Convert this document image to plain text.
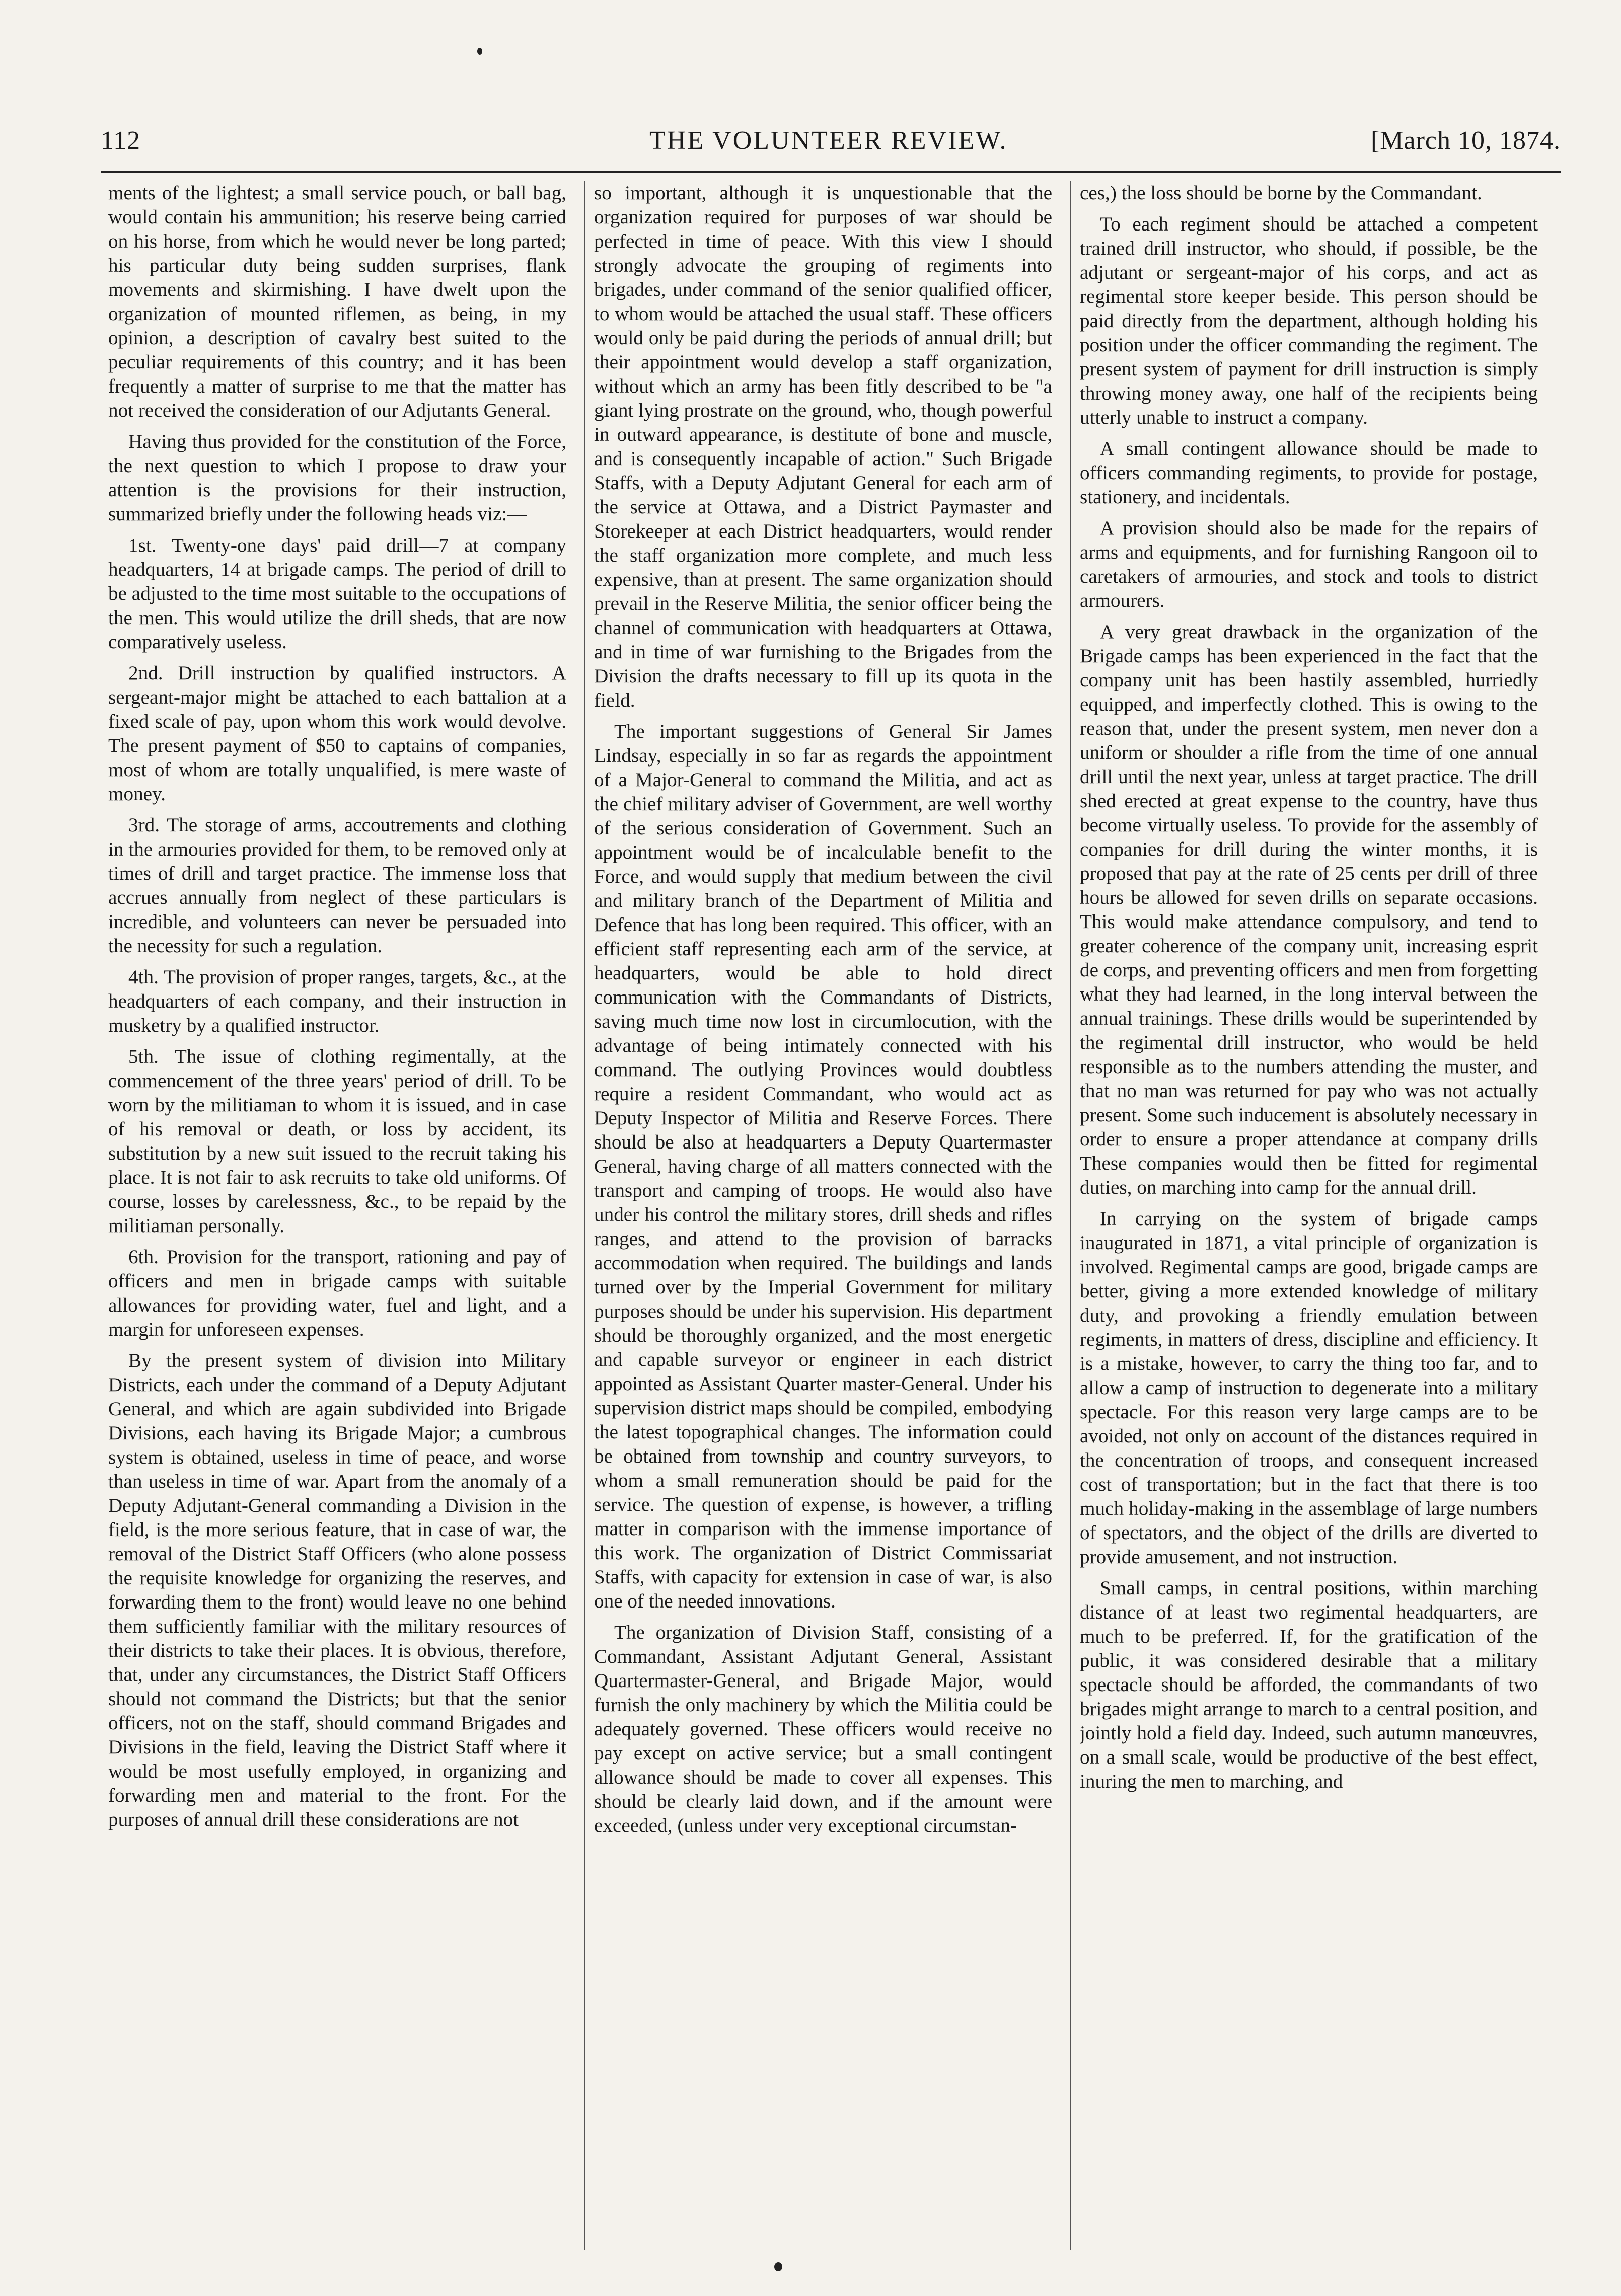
112	THE VOLUNTEER REVIEW.	[March 10, 1874.

ments of the lightest; a small service pouch, or ball bag, would contain his ammunition; his reserve being carried on his horse, from which he would never be long parted; his particular duty being sudden surprises, flank movements and skirmishing. I have dwelt upon the organization of mounted riflemen, as being, in my opinion, a description of cavalry best suited to the peculiar requirements of this country; and it has been frequently a matter of surprise to me that the matter has not received the consideration of our Adjutants General.

Having thus provided for the constitution of the Force, the next question to which I propose to draw your attention is the provisions for their instruction, summarized briefly under the following heads viz:—

1st. Twenty-one days' paid drill—7 at company headquarters, 14 at brigade camps. The period of drill to be adjusted to the time most suitable to the occupations of the men. This would utilize the drill sheds, that are now comparatively useless.

2nd. Drill instruction by qualified instructors. A sergeant-major might be attached to each battalion at a fixed scale of pay, upon whom this work would devolve. The present payment of $50 to captains of companies, most of whom are totally unqualified, is mere waste of money.

3rd. The storage of arms, accoutrements and clothing in the armouries provided for them, to be removed only at times of drill and target practice. The immense loss that accrues annually from neglect of these particulars is incredible, and volunteers can never be persuaded into the necessity for such a regulation.

4th. The provision of proper ranges, targets, &c., at the headquarters of each company, and their instruction in musketry by a qualified instructor.

5th. The issue of clothing regimentally, at the commencement of the three years' period of drill. To be worn by the militiaman to whom it is issued, and in case of his removal or death, or loss by accident, its substitution by a new suit issued to the recruit taking his place. It is not fair to ask recruits to take old uniforms. Of course, losses by carelessness, &c., to be repaid by the militiaman personally.

6th. Provision for the transport, rationing and pay of officers and men in brigade camps with suitable allowances for providing water, fuel and light, and a margin for unforeseen expenses.

By the present system of division into Military Districts, each under the command of a Deputy Adjutant General, and which are again subdivided into Brigade Divisions, each having its Brigade Major; a cumbrous system is obtained, useless in time of peace, and worse than useless in time of war. Apart from the anomaly of a Deputy Adjutant-General commanding a Division in the field, is the more serious feature, that in case of war, the removal of the District Staff Officers (who alone possess the requisite knowledge for organizing the reserves, and forwarding them to the front) would leave no one behind them sufficiently familiar with the military resources of their districts to take their places. It is obvious, therefore, that, under any circumstances, the District Staff Officers should not command the Districts; but that the senior officers, not on the staff, should command Brigades and Divisions in the field, leaving the District Staff where it would be most usefully employed, in organizing and forwarding men and material to the front. For the purposes of annual drill these considerations are not

so important, although it is unquestionable that the organization required for purposes of war should be perfected in time of peace. With this view I should strongly advocate the grouping of regiments into brigades, under command of the senior qualified officer, to whom would be attached the usual staff. These officers would only be paid during the periods of annual drill; but their appointment would develop a staff organization, without which an army has been fitly described to be "a giant lying prostrate on the ground, who, though powerful in outward appearance, is destitute of bone and muscle, and is consequently incapable of action." Such Brigade Staffs, with a Deputy Adjutant General for each arm of the service at Ottawa, and a District Paymaster and Storekeeper at each District headquarters, would render the staff organization more complete, and much less expensive, than at present. The same organization should prevail in the Reserve Militia, the senior officer being the channel of communication with headquarters at Ottawa, and in time of war furnishing to the Brigades from the Division the drafts necessary to fill up its quota in the field.

The important suggestions of General Sir James Lindsay, especially in so far as regards the appointment of a Major-General to command the Militia, and act as the chief military adviser of Government, are well worthy of the serious consideration of Government. Such an appointment would be of incalculable benefit to the Force, and would supply that medium between the civil and military branch of the Department of Militia and Defence that has long been required. This officer, with an efficient staff representing each arm of the service, at headquarters, would be able to hold direct communication with the Commandants of Districts, saving much time now lost in circumlocution, with the advantage of being intimately connected with his command. The outlying Provinces would doubtless require a resident Commandant, who would act as Deputy Inspector of Militia and Reserve Forces. There should be also at headquarters a Deputy Quartermaster General, having charge of all matters connected with the transport and camping of troops. He would also have under his control the military stores, drill sheds and rifles ranges, and attend to the provision of barracks accommodation when required. The buildings and lands turned over by the Imperial Government for military purposes should be under his supervision. His department should be thoroughly organized, and the most energetic and capable surveyor or engineer in each district appointed as Assistant Quarter master-General. Under his supervision district maps should be compiled, embodying the latest topographical changes. The information could be obtained from township and country surveyors, to whom a small remuneration should be paid for the service. The question of expense, is however, a trifling matter in comparison with the immense importance of this work. The organization of District Commissariat Staffs, with capacity for extension in case of war, is also one of the needed innovations.

The organization of Division Staff, consisting of a Commandant, Assistant Adjutant General, Assistant Quartermaster-General, and Brigade Major, would furnish the only machinery by which the Militia could be adequately governed. These officers would receive no pay except on active service; but a small contingent allowance should be made to cover all expenses. This should be clearly laid down, and if the amount were exceeded, (unless under very exceptional circumstan-

ces,) the loss should be borne by the Commandant.

To each regiment should be attached a competent trained drill instructor, who should, if possible, be the adjutant or sergeant-major of his corps, and act as regimental store keeper beside. This person should be paid directly from the department, although holding his position under the officer commanding the regiment. The present system of payment for drill instruction is simply throwing money away, one half of the recipients being utterly unable to instruct a company.

A small contingent allowance should be made to officers commanding regiments, to provide for postage, stationery, and incidentals.

A provision should also be made for the repairs of arms and equipments, and for furnishing Rangoon oil to caretakers of armouries, and stock and tools to district armourers.

A very great drawback in the organization of the Brigade camps has been experienced in the fact that the company unit has been hastily assembled, hurriedly equipped, and imperfectly clothed. This is owing to the reason that, under the present system, men never don a uniform or shoulder a rifle from the time of one annual drill until the next year, unless at target practice. The drill shed erected at great expense to the country, have thus become virtually useless. To provide for the assembly of companies for drill during the winter months, it is proposed that pay at the rate of 25 cents per drill of three hours be allowed for seven drills on separate occasions. This would make attendance compulsory, and tend to greater coherence of the company unit, increasing esprit de corps, and preventing officers and men from forgetting what they had learned, in the long interval between the annual trainings. These drills would be superintended by the regimental drill instructor, who would be held responsible as to the numbers attending the muster, and that no man was returned for pay who was not actually present. Some such inducement is absolutely necessary in order to ensure a proper attendance at company drills These companies would then be fitted for regimental duties, on marching into camp for the annual drill.

In carrying on the system of brigade camps inaugurated in 1871, a vital principle of organization is involved. Regimental camps are good, brigade camps are better, giving a more extended knowledge of military duty, and provoking a friendly emulation between regiments, in matters of dress, discipline and efficiency. It is a mistake, however, to carry the thing too far, and to allow a camp of instruction to degenerate into a military spectacle. For this reason very large camps are to be avoided, not only on account of the distances required in the concentration of troops, and consequent increased cost of transportation; but in the fact that there is too much holiday-making in the assemblage of large numbers of spectators, and the object of the drills are diverted to provide amusement, and not instruction.

Small camps, in central positions, within marching distance of at least two regimental headquarters, are much to be preferred. If, for the gratification of the public, it was considered desirable that a military spectacle should be afforded, the commandants of two brigades might arrange to march to a central position, and jointly hold a field day. Indeed, such autumn manœuvres, on a small scale, would be productive of the best effect, inuring the men to marching, and
